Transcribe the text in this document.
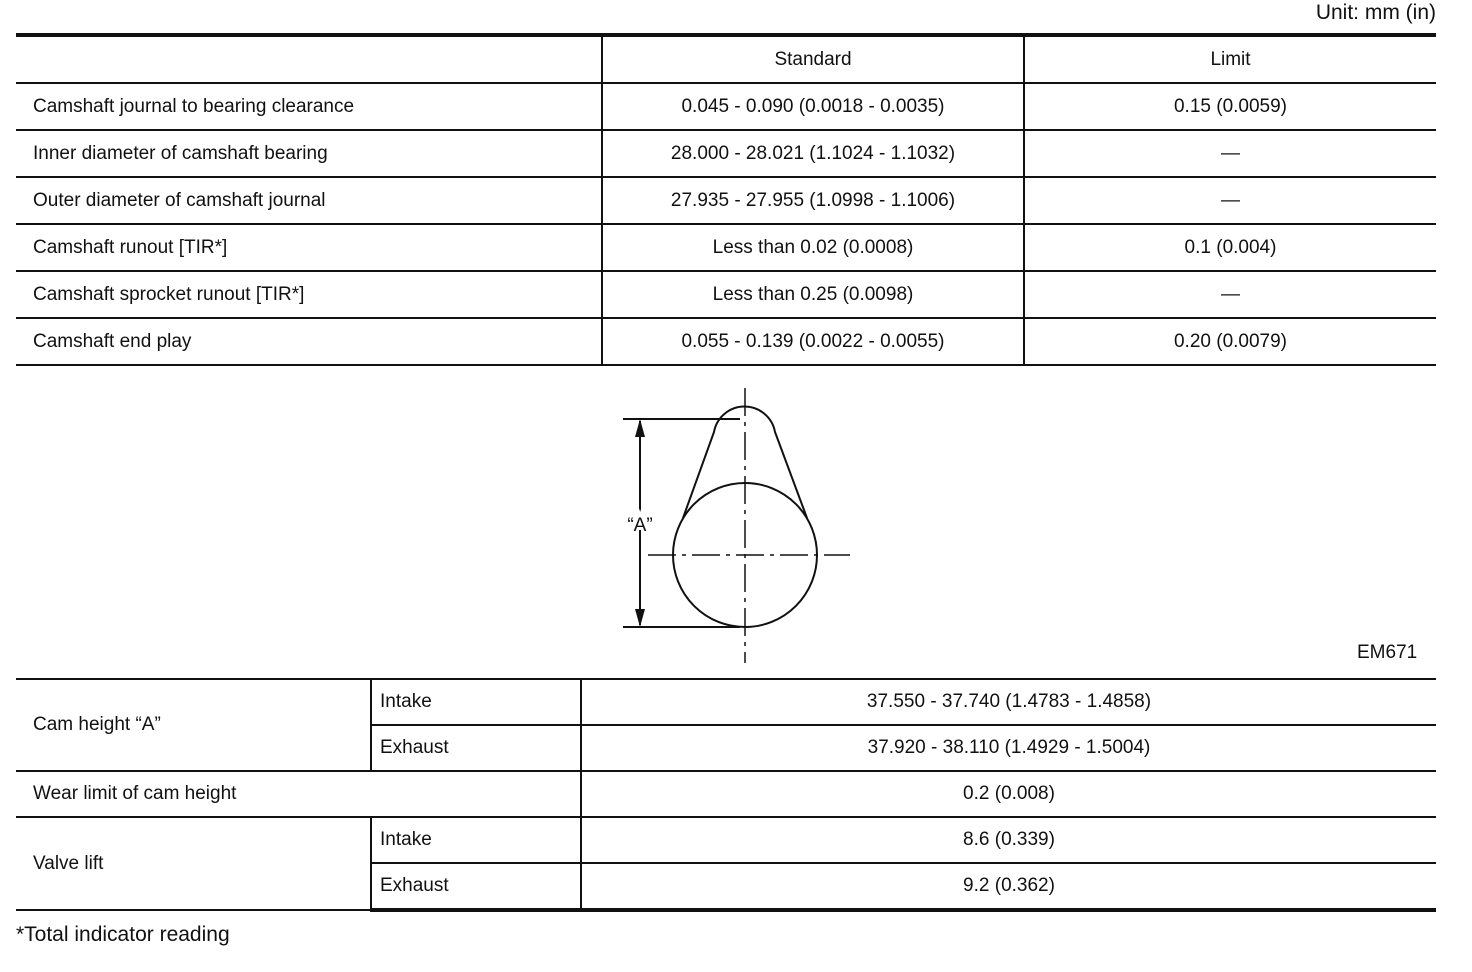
Unit: mm (in)
	Standard	Limit
Camshaft journal to bearing clearance	0.045 - 0.090 (0.0018 - 0.0035)	0.15 (0.0059)
Inner diameter of camshaft bearing	28.000 - 28.021 (1.1024 - 1.1032)	—
Outer diameter of camshaft journal	27.935 - 27.955 (1.0998 - 1.1006)	—
Camshaft runout [TIR*]	Less than 0.02 (0.0008)	0.1 (0.004)
Camshaft sprocket runout [TIR*]	Less than 0.25 (0.0098)	—
Camshaft end play	0.055 - 0.139 (0.0022 - 0.0055)	0.20 (0.0079)
“A”
EM671
Cam height “A”	Intake	37.550 - 37.740 (1.4783 - 1.4858)
	Exhaust	37.920 - 38.110 (1.4929 - 1.5004)
Wear limit of cam height		0.2 (0.008)
Valve lift	Intake	8.6 (0.339)
	Exhaust	9.2 (0.362)
*Total indicator reading
